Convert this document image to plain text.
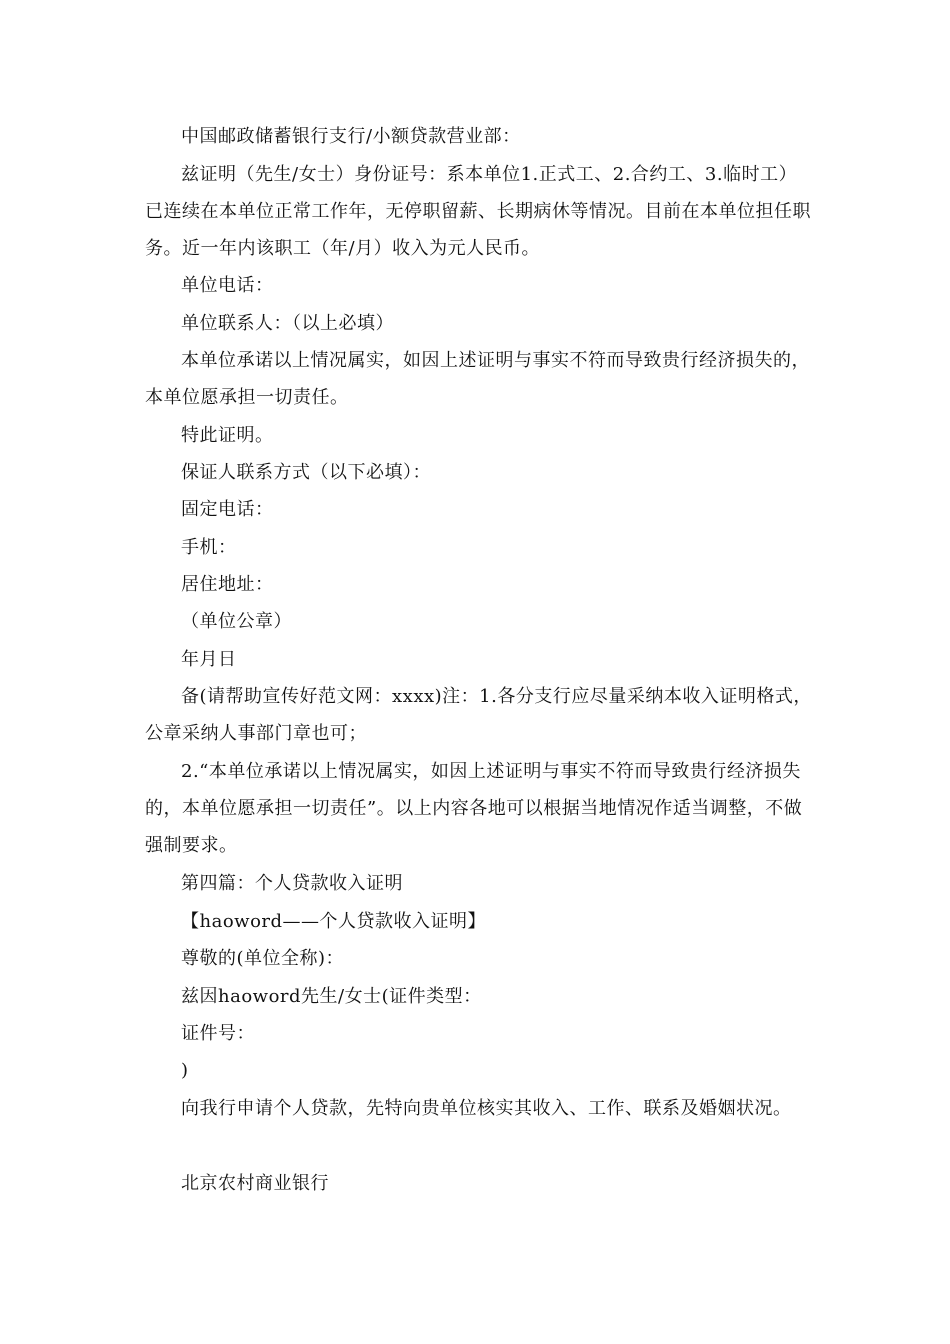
中国邮政储蓄银行支行/小额贷款营业部：

兹证明（先生/女士）身份证号：系本单位1.正式工、2.合约工、3.临时工）已连续在本单位正常工作年，无停职留薪、长期病休等情况。目前在本单位担任职务。近一年内该职工（年/月）收入为元人民币。

单位电话：

单位联系人：（以上必填）

本单位承诺以上情况属实，如因上述证明与事实不符而导致贵行经济损失的，本单位愿承担一切责任。

特此证明。

保证人联系方式（以下必填）：

固定电话：

手机：

居住地址：

（单位公章）

年月日

备(请帮助宣传好范文网：xxxx)注：1.各分支行应尽量采纳本收入证明格式，公章采纳人事部门章也可；

2.“本单位承诺以上情况属实，如因上述证明与事实不符而导致贵行经济损失的，本单位愿承担一切责任”。以上内容各地可以根据当地情况作适当调整，不做强制要求。

第四篇：个人贷款收入证明

【haoword——个人贷款收入证明】

尊敬的(单位全称)：

兹因haoword先生/女士(证件类型：

证件号：

)

向我行申请个人贷款，先特向贵单位核实其收入、工作、联系及婚姻状况。

北京农村商业银行
